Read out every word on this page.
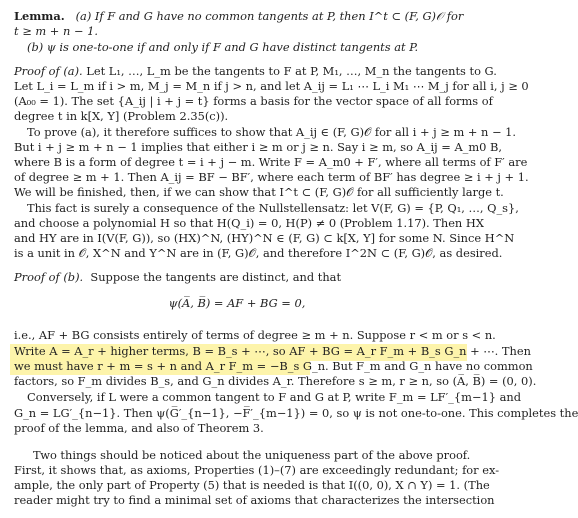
Lemma. (a) If F and G have no common tangents at P, then I^t ⊂ (F, G)𝒪 for
t ≥ m + n − 1.
(b) ψ is one-to-one if and only if F and G have distinct tangents at P.
Proof of (a). Let L₁, …, L_m be the tangents to F at P, M₁, …, M_n the tangents to G.
Let L_i = L_m if i > m, M_j = M_n if j > n, and let A_ij = L₁ ⋯ L_i M₁ ⋯ M_j for all i, j ≥ 0
(A₀₀ = 1). The set {A_ij | i + j = t} forms a basis for the vector space of all forms of
degree t in k[X, Y] (Problem 2.35(c)).
To prove (a), it therefore suffices to show that A_ij ∈ (F, G)𝒪 for all i + j ≥ m + n − 1.
But i + j ≥ m + n − 1 implies that either i ≥ m or j ≥ n. Say i ≥ m, so A_ij = A_m0 B,
where B is a form of degree t = i + j − m. Write F = A_m0 + F′, where all terms of F′ are
of degree ≥ m + 1. Then A_ij = BF − BF′, where each term of BF′ has degree ≥ i + j + 1.
We will be finished, then, if we can show that I^t ⊂ (F, G)𝒪 for all sufficiently large t.
This fact is surely a consequence of the Nullstellensatz: let V(F, G) = {P, Q₁, …, Q_s},
and choose a polynomial H so that H(Q_i) = 0, H(P) ≠ 0 (Problem 1.17). Then HX
and HY are in I(V(F, G)), so (HX)^N, (HY)^N ∈ (F, G) ⊂ k[X, Y] for some N. Since H^N
is a unit in 𝒪, X^N and Y^N are in (F, G)𝒪, and therefore I^2N ⊂ (F, G)𝒪, as desired.
Proof of (b). Suppose the tangents are distinct, and that
ψ(A̅, B̅) = AF + BG = 0,
i.e., AF + BG consists entirely of terms of degree ≥ m + n. Suppose r < m or s < n.
Write A = A_r + higher terms, B = B_s + ⋯, so AF + BG = A_r F_m + B_s G_n + ⋯. Then
we must have r + m = s + n and A_r F_m = −B_s G_n. But F_m and G_n have no common
factors, so F_m divides B_s, and G_n divides A_r. Therefore s ≥ m, r ≥ n, so (A̅, B̅) = (0, 0).
Conversely, if L were a common tangent to F and G at P, write F_m = LF′_{m−1} and
G_n = LG′_{n−1}. Then ψ(G̅′_{n−1}, −F̅′_{m−1}) = 0, so ψ is not one-to-one. This completes the
proof of the lemma, and also of Theorem 3.
Two things should be noticed about the uniqueness part of the above proof.
First, it shows that, as axioms, Properties (1)–(7) are exceedingly redundant; for ex-
ample, the only part of Property (5) that is needed is that I((0, 0), X ∩ Y) = 1. (The
reader might try to find a minimal set of axioms that characterizes the intersection
